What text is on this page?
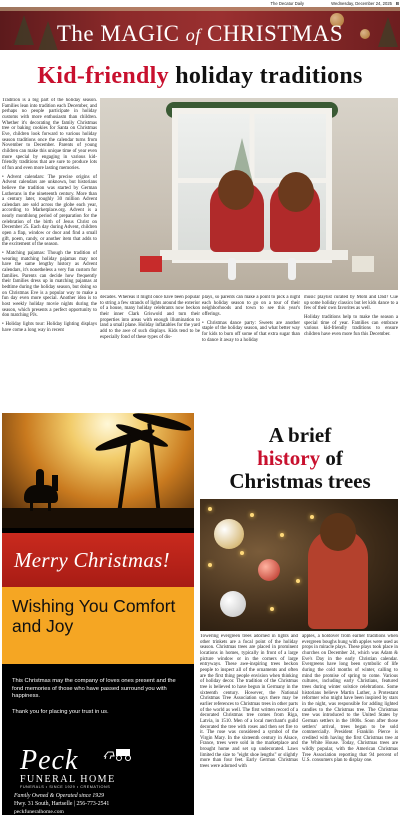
The Decatur Daily	Wednesday, December 24, 2025 B
The MAGIC of CHRISTMAS
Kid-friendly holiday traditions

Tradition is a big part of the holiday season. Families lean into tradition each December, and perhaps no people participate in holiday customs with more enthusiasm than children. Whether it's decorating the family Christmas tree or baking cookies for Santa on Christmas Eve, children look forward to various holiday season traditions once the calendar turns from November to December. Parents of young children can make this unique time of year even more special by engaging in various kid-friendly traditions that are sure to produce lots of fun and even more lasting memories.

• Advent calendars: The precise origins of Advent calendars are unknown, but historians believe the tradition was started by German Lutherans in the nineteenth century. More than a century later, roughly 30 million Advent calendars are sold across the globe each year, according to Marketplace.org. Advent is a nearly monthlong period of preparation for the celebration of the birth of Jesus Christ on December 25. Each day during Advent, children open a flap, window or door and find a small gift, poem, candy, or another item that adds to the excitement of the season.

• Matching pajamas: Though the tradition of wearing matching holiday pajamas may not have the same lengthy history as Advent calendars, it's nonetheless a very fun custom for families. Parents can decide how frequently their families dress up in matching pajamas at bedtime during the holiday season, but doing so on Christmas Eve is a popular way to make a fun day even more special. Another idea is to host weekly holiday movie nights during the season, which presents a perfect opportunity to don matching PJs.

• Holiday lights tour: Holiday lighting displays have come a long way in recent

decades. Whereas it might once have been popular to string a few strands of lights around the exterior of a house, many holiday celebrants now beckon their inner Clark Griswold and turn their properties into areas with enough illumination to land a small plane. Holiday inflatables for the yard add to the awe of such displays. Kids tend to be especially fond of these types of dis-

plays, so parents can make a point to pick a night each holiday season to go on a tour of their neighborhoods and town to see this year's offerings.

• Christmas dance party: Sweets are another staple of the holiday season, and what better way for kids to burn off some of that extra sugar than to dance it away to a holiday

music playlist curated by Mom and Dad? Cue up some holiday classics but let kids dance to a few of their own favorites as well.

Holiday traditions help to make the season a special time of year. Families can embrace various kid-friendly traditions to ensure children have even more fun this December.

Merry Christmas!
Wishing You Comfort and Joy

This Christmas may the company of loves ones present and the fond memories of those who have passed surround you with happiness.

Thank you for placing your trust in us.

Peck
FUNERAL HOME
FUNERALS • SINCE 1929 • CREMATIONS
Family Owned & Operated since 1929
Hwy. 31 South, Hartselle | 256-773-2541
peckfuneralhome.com
A brief
history of
Christmas trees

Towering evergreen trees adorned in lights and other trinkets are a focal point of the holiday season. Christmas trees are placed in prominent locations in homes, typically in front of a large picture window or in the corners of large entryways. These awe-inspiring trees beckon people to inspect all of the ornaments and often are the first thing people envision when thinking of holiday decor. The tradition of the Christmas tree is believed to have begun in Germany in the sixteenth century. However, the National Christmas Tree Association says there may be earlier references to Christmas trees in other parts of the world as well. The first written record of a decorated Christmas tree comes from Riga, Latvia, in 1510. Men of a local merchant's guild decorated the tree with roses and then set fire to it. The rose was considered a symbol of the Virgin Mary. In the sixteenth century in Alsace, France, trees were sold in the marketplace and brought home and set up undecorated. Laws limited the size to "eight shoe lengths" or slightly more than four feet. Early German Christmas trees were adorned with

apples, a holdover from earlier traditions when evergreen boughs hung with apples were used as props in miracle plays. These plays took place in churches on December 24, which was Adam & Eve's Day in the early Christian calendar. Evergreens have long been symbolic of life during the cold months of winter, calling to mind the promise of spring to come. Various cultures, including early Christians, featured trees during winter solstice celebrations. Some historians believe Martin Luther, a Protestant reformer who might have been inspired by stars in the night, was responsible for adding lighted candles to the Christmas tree. The Christmas tree was introduced to the United States by German settlers in the 1800s. Soon after those settlers' arrival, trees began to be sold commercially. President Franklin Pierce is credited with having the first Christmas tree at the White House. Today, Christmas trees are wildly popular, with the American Christmas Tree Association reporting that 94 percent of U.S. consumers plan to display one.
